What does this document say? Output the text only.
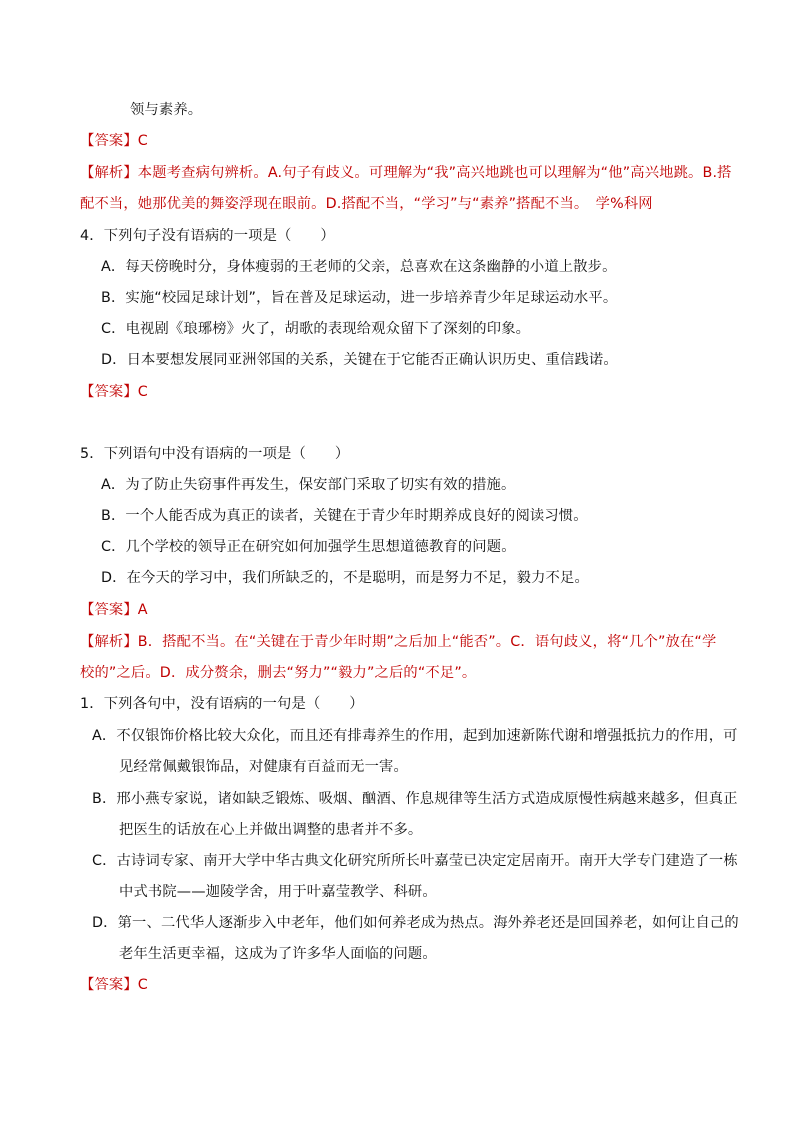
领与素养。
【答案】C
【解析】本题考查病句辨析。A.句子有歧义。可理解为“我”高兴地跳也可以理解为“他”高兴地跳。B.搭
配不当，她那优美的舞姿浮现在眼前。D.搭配不当，“学习”与“素养”搭配不当。　学%科网
4．下列句子没有语病的一项是（　　）
A．每天傍晚时分，身体瘦弱的王老师的父亲，总喜欢在这条幽静的小道上散步。
B．实施“校园足球计划”，旨在普及足球运动，进一步培养青少年足球运动水平。
C．电视剧《琅琊榜》火了，胡歌的表现给观众留下了深刻的印象。
D．日本要想发展同亚洲邻国的关系，关键在于它能否正确认识历史、重信践诺。
【答案】C
5．下列语句中没有语病的一项是（　　）
A．为了防止失窃事件再发生，保安部门采取了切实有效的措施。
B．一个人能否成为真正的读者，关键在于青少年时期养成良好的阅读习惯。
C．几个学校的领导正在研究如何加强学生思想道德教育的问题。
D．在今天的学习中，我们所缺乏的，不是聪明，而是努力不足，毅力不足。
【答案】A
【解析】B．搭配不当。在“关键在于青少年时期”之后加上“能否”。C．语句歧义，将“几个”放在“学
校的”之后。D．成分赘余，删去“努力”“毅力”之后的“不足”。
1．下列各句中，没有语病的一句是（　　）
A．不仅银饰价格比较大众化，而且还有排毒养生的作用，起到加速新陈代谢和增强抵抗力的作用，可
见经常佩戴银饰品，对健康有百益而无一害。
B．邢小燕专家说，诸如缺乏锻炼、吸烟、酗酒、作息规律等生活方式造成原慢性病越来越多，但真正
把医生的话放在心上并做出调整的患者并不多。
C．古诗词专家、南开大学中华古典文化研究所所长叶嘉莹已决定定居南开。南开大学专门建造了一栋
中式书院——迦陵学舍，用于叶嘉莹教学、科研。
D．第一、二代华人逐渐步入中老年，他们如何养老成为热点。海外养老还是回国养老，如何让自己的
老年生活更幸福，这成为了许多华人面临的问题。
【答案】C
